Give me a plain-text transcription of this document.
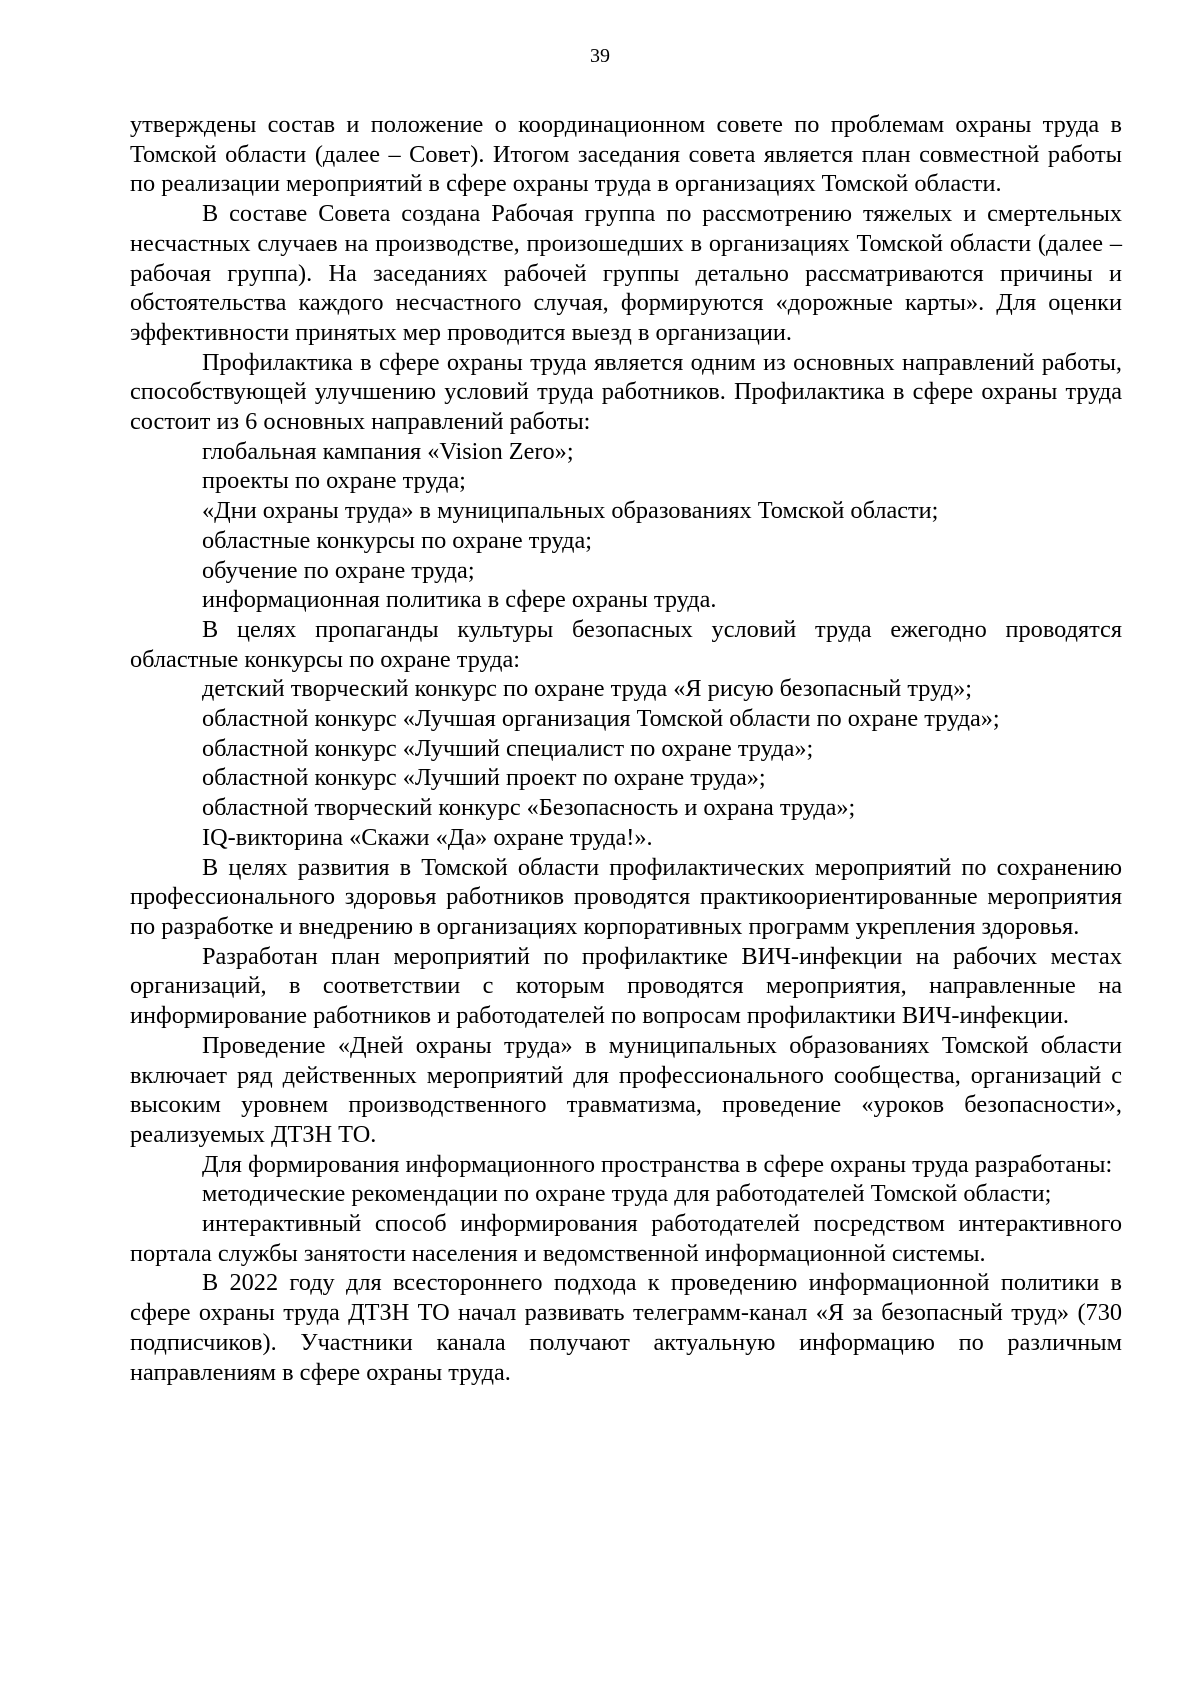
39

утверждены состав и положение о координационном совете по проблемам охраны труда в Томской области (далее – Совет). Итогом заседания совета является план совместной работы по реализации мероприятий в сфере охраны труда в организациях Томской области.

В составе Совета создана Рабочая группа по рассмотрению тяжелых и смертельных несчастных случаев на производстве, произошедших в организациях Томской области (далее – рабочая группа). На заседаниях рабочей группы детально рассматриваются причины и обстоятельства каждого несчастного случая, формируются «дорожные карты». Для оценки эффективности принятых мер проводится выезд в организации.

Профилактика в сфере охраны труда является одним из основных направлений работы, способствующей улучшению условий труда работников. Профилактика в сфере охраны труда состоит из 6 основных направлений работы:

глобальная кампания «Vision Zero»;

проекты по охране труда;

«Дни охраны труда» в муниципальных образованиях Томской области;

областные конкурсы по охране труда;

обучение по охране труда;

информационная политика в сфере охраны труда.

В целях пропаганды культуры безопасных условий труда ежегодно проводятся областные конкурсы по охране труда:

детский творческий конкурс по охране труда «Я рисую безопасный труд»;

областной конкурс «Лучшая организация Томской области по охране труда»;

областной конкурс «Лучший специалист по охране труда»;

областной конкурс «Лучший проект по охране труда»;

областной творческий конкурс «Безопасность и охрана труда»;

IQ-викторина «Скажи «Да» охране труда!».

В целях развития в Томской области профилактических мероприятий по сохранению профессионального здоровья работников проводятся практикоориентированные мероприятия по разработке и внедрению в организациях корпоративных программ укрепления здоровья.

Разработан план мероприятий по профилактике ВИЧ-инфекции на рабочих местах организаций, в соответствии с которым проводятся мероприятия, направленные на информирование работников и работодателей по вопросам профилактики ВИЧ-инфекции.

Проведение «Дней охраны труда» в муниципальных образованиях Томской области включает ряд действенных мероприятий для профессионального сообщества, организаций с высоким уровнем производственного травматизма, проведение «уроков безопасности», реализуемых ДТЗН ТО.

Для формирования информационного пространства в сфере охраны труда разработаны:

методические рекомендации по охране труда для работодателей Томской области;

интерактивный способ информирования работодателей посредством интерактивного портала службы занятости населения и ведомственной информационной системы.

В 2022 году для всестороннего подхода к проведению информационной политики в сфере охраны труда ДТЗН ТО начал развивать телеграмм-канал «Я за безопасный труд» (730 подписчиков). Участники канала получают актуальную информацию по различным направлениям в сфере охраны труда.
